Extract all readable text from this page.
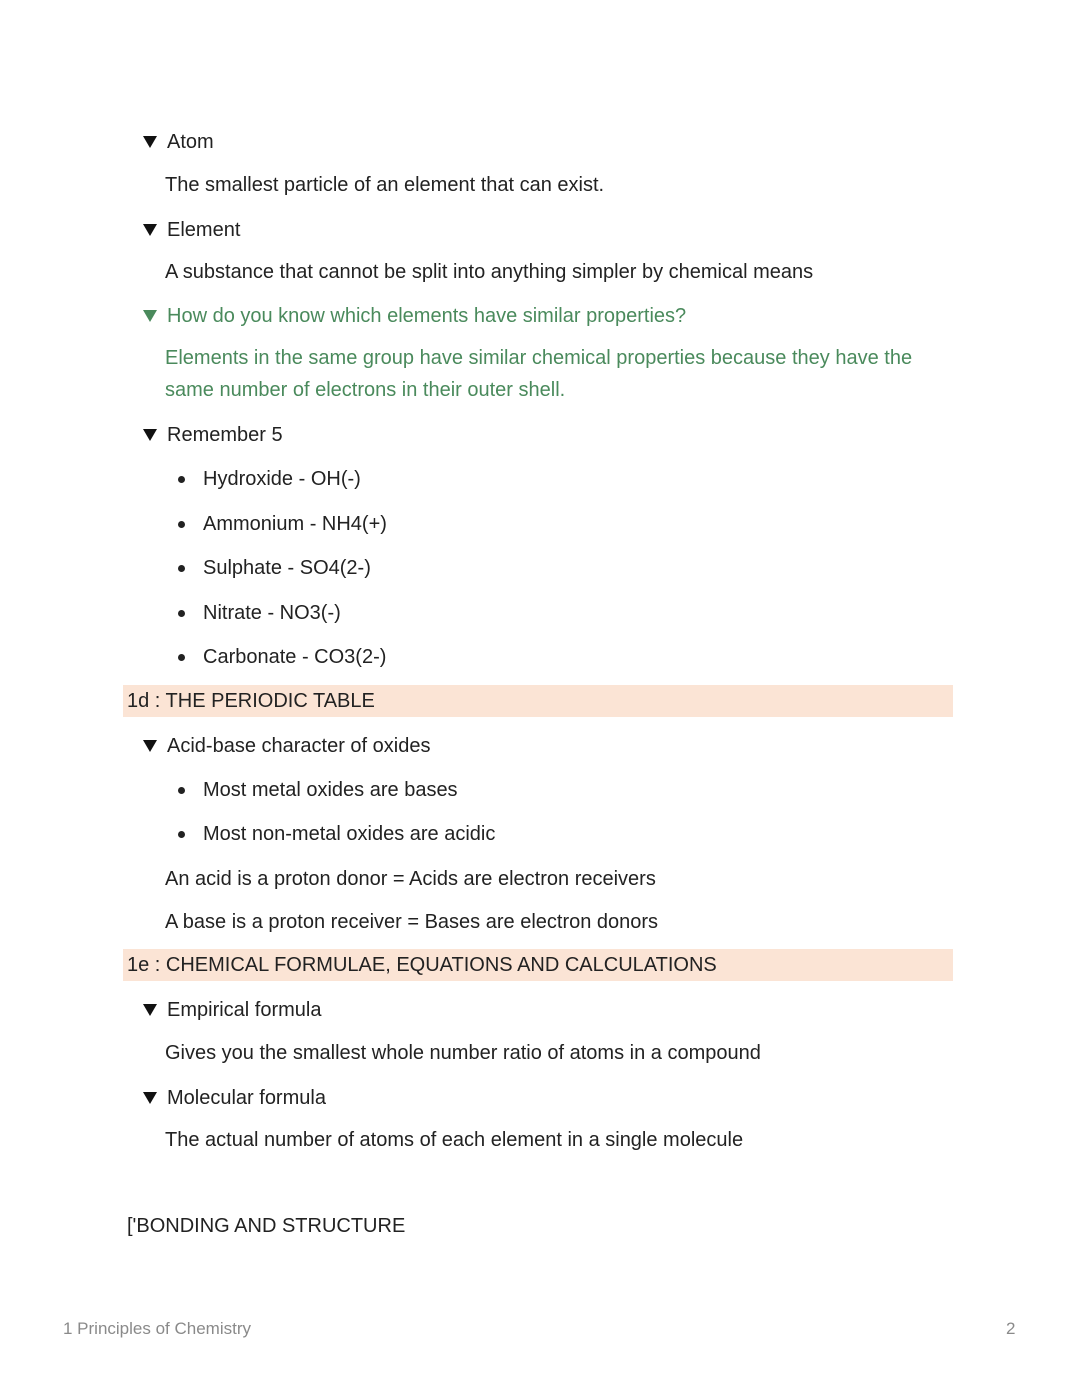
Atom
The smallest particle of an element that can exist.
Element
A substance that cannot be split into anything simpler by chemical means
How do you know which elements have similar properties?
Elements in the same group have similar chemical properties because they have the same number of electrons in their outer shell.
Remember 5
Hydroxide - OH(-)
Ammonium - NH4(+)
Sulphate - SO4(2-)
Nitrate - NO3(-)
Carbonate - CO3(2-)
1d : THE PERIODIC TABLE
Acid-base character of oxides
Most metal oxides are bases
Most non-metal oxides are acidic
An acid is a proton donor = Acids are electron receivers
A base is a proton receiver = Bases are electron donors
1e : CHEMICAL FORMULAE, EQUATIONS AND CALCULATIONS
Empirical formula
Gives you the smallest whole number ratio of atoms in a compound
Molecular formula
The actual number of atoms of each element in a single molecule
['BONDING AND STRUCTURE
1 Principles of Chemistry	2
